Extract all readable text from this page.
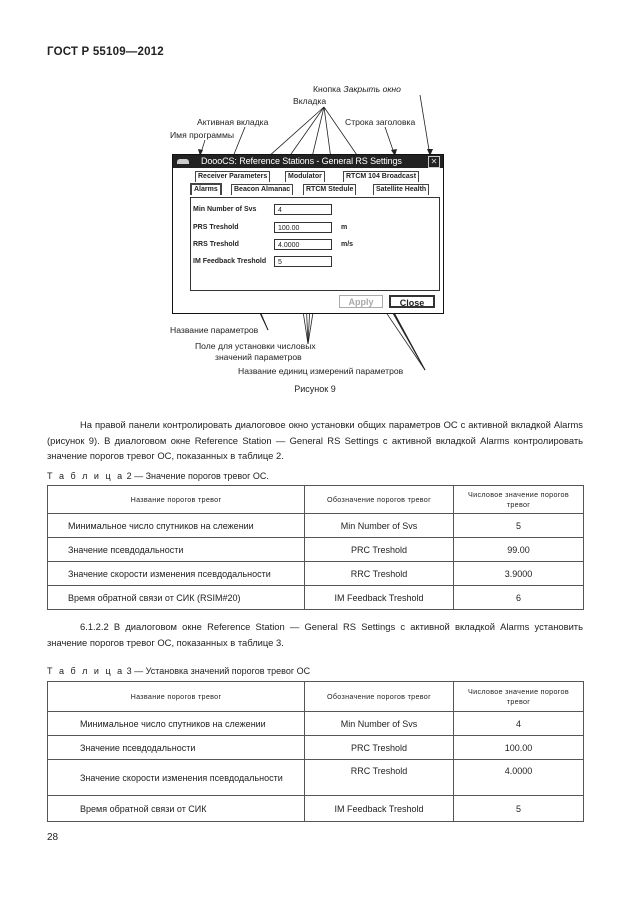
ГОСТ Р 55109—2012
Кнопка Закрыть окно
Вкладка
Активная вкладка	Строка заголовка
Имя программы
Название параметров
Поле для установки числовых
значений параметров
Название единиц измерений параметров
DoooCS: Reference Stations - General RS Settings	✕
Receiver Parameters	Modulator	RTCM 104 Broadcast
Alarms	Beacon Almanac	RTCM Stedule	Satellite Health
Min Number of Svs	4
PRS Treshold	100.00	m
RRS Treshold	4.0000	m/s
IM Feedback Treshold	5
Apply	Close
Рисунок 9

На правой панели контролировать диалоговое окно установки общих параметров ОС с активной вкладкой Alarms (рисунок 9). В диалоговом окне Reference Station — General RS Settings с активной вкладкой Alarms контролировать значение порогов тревог ОС, показанных в таблице 2.

Т а б л и ц а 2 — Значение порогов тревог ОС.
Название порогов тревог	Обозначение порогов тревог	Числовое значение порогов тревог
Минимальное число спутников на слежении	Min Number of Svs	5
Значение псевдодальности	PRC Treshold	99.00
Значение скорости изменения псевдодальности	RRC Treshold	3.9000
Время обратной связи от СИК (RSIM#20)	IM Feedback Treshold	6

6.1.2.2 В диалоговом окне Reference Station — General RS Settings с активной вкладкой Alarms установить значение порогов тревог ОС, показанных в таблице 3.

Т а б л и ц а 3 — Установка значений порогов тревог ОС
Название порогов тревог	Обозначение порогов тревог	Числовое значение порогов тревог
Минимальное число спутников на слежении	Min Number of Svs	4
Значение псевдодальности	PRC Treshold	100.00
Значение скорости изменения псевдодальности	RRC Treshold	4.0000
Время обратной связи от СИК	IM Feedback Treshold	5
28
